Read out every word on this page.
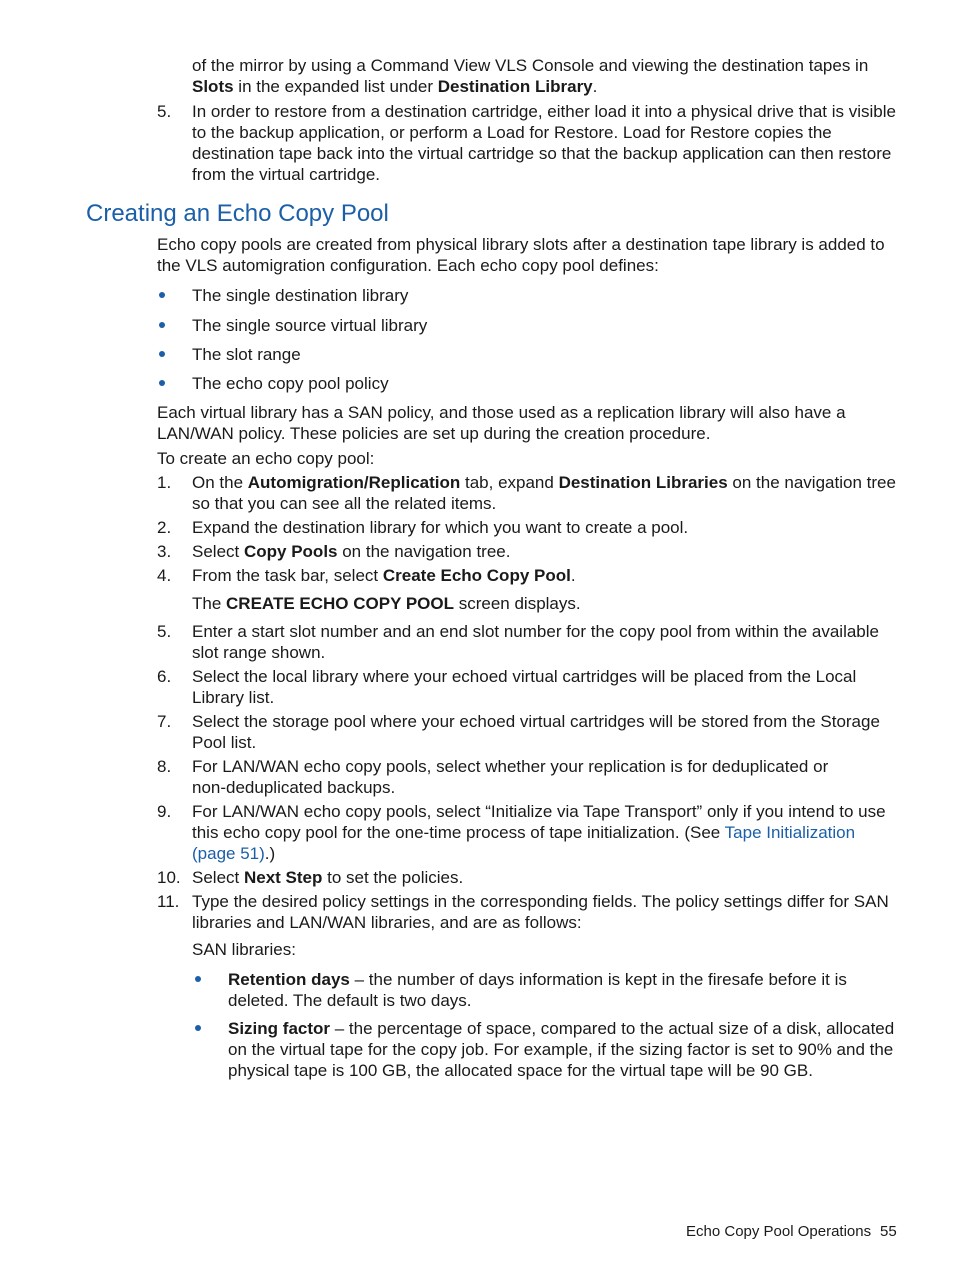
of the mirror by using a Command View VLS Console and viewing the destination tapes in
Slots in the expanded list under Destination Library.

5. In order to restore from a destination cartridge, either load it into a physical drive that is visible to the backup application, or perform a Load for Restore. Load for Restore copies the destination tape back into the virtual cartridge so that the backup application can then restore from the virtual cartridge.

Creating an Echo Copy Pool

Echo copy pools are created from physical library slots after a destination tape library is added to the VLS automigration configuration. Each echo copy pool defines:

The single destination library
The single source virtual library
The slot range
The echo copy pool policy

Each virtual library has a SAN policy, and those used as a replication library will also have a LAN/WAN policy. These policies are set up during the creation procedure.

To create an echo copy pool:

1. On the Automigration/Replication tab, expand Destination Libraries on the navigation tree so that you can see all the related items.

2. Expand the destination library for which you want to create a pool.

3. Select Copy Pools on the navigation tree.

4. From the task bar, select Create Echo Copy Pool.

The CREATE ECHO COPY POOL screen displays.

5. Enter a start slot number and an end slot number for the copy pool from within the available slot range shown.

6. Select the local library where your echoed virtual cartridges will be placed from the Local Library list.

7. Select the storage pool where your echoed virtual cartridges will be stored from the Storage Pool list.

8. For LAN/WAN echo copy pools, select whether your replication is for deduplicated or non-deduplicated backups.

9. For LAN/WAN echo copy pools, select “Initialize via Tape Transport” only if you intend to use this echo copy pool for the one-time process of tape initialization. (See Tape Initialization (page 51).)

10. Select Next Step to set the policies.

11. Type the desired policy settings in the corresponding fields. The policy settings differ for SAN libraries and LAN/WAN libraries, and are as follows:

SAN libraries:

Retention days – the number of days information is kept in the firesafe before it is deleted. The default is two days.

Sizing factor – the percentage of space, compared to the actual size of a disk, allocated on the virtual tape for the copy job. For example, if the sizing factor is set to 90% and the physical tape is 100 GB, the allocated space for the virtual tape will be 90 GB.

Echo Copy Pool Operations 55
